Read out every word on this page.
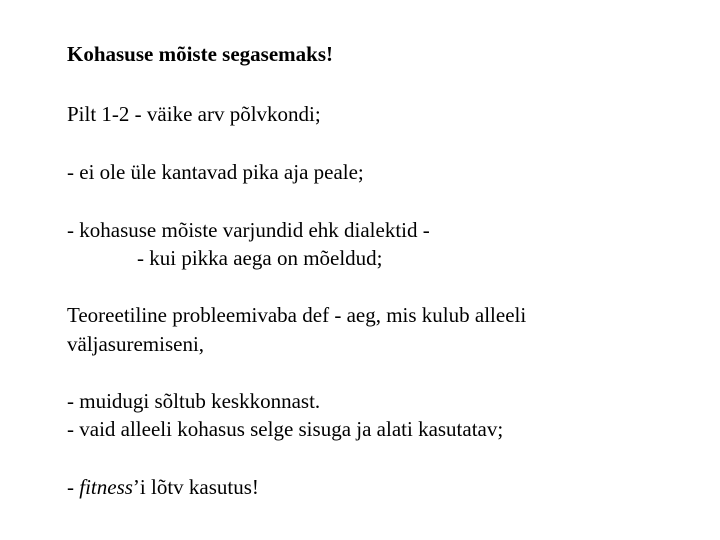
Kohasuse mõiste segasemaks!
Pilt 1-2 - väike arv põlvkondi;
- ei ole üle kantavad pika aja peale;
- kohasuse mõiste varjundid ehk dialektid -
- kui pikka aega on mõeldud;
Teoreetiline probleemivaba def - aeg, mis kulub alleeli
väljasuremiseni,
- muidugi sõltub keskkonnast.
- vaid alleeli kohasus selge sisuga ja alati kasutatav;
- fitness’i lõtv kasutus!
